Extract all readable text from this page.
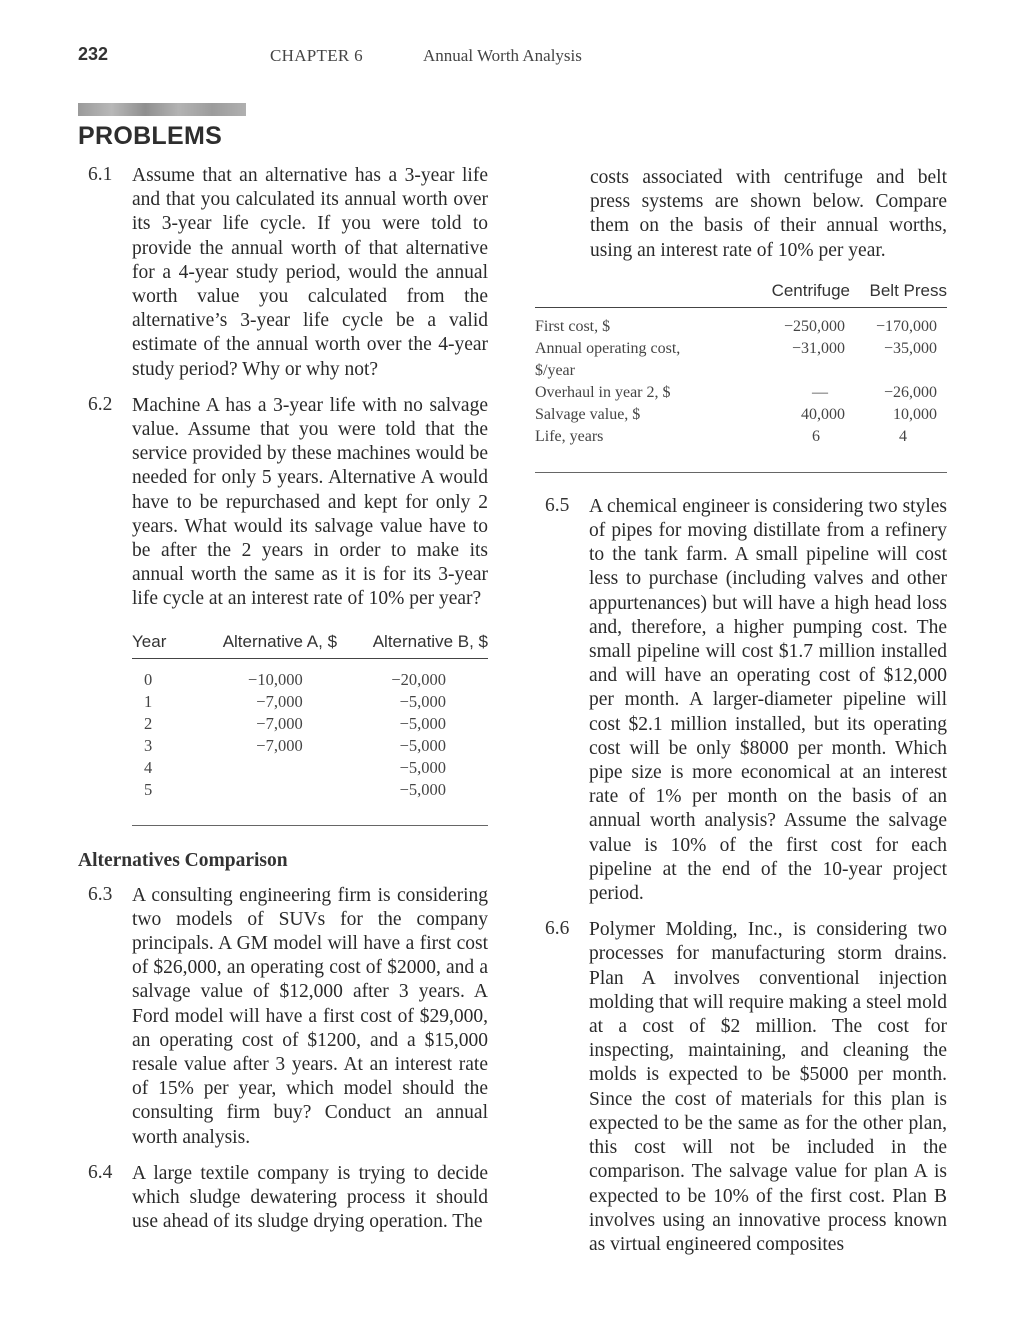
232	CHAPTER 6	Annual Worth Analysis
PROBLEMS
6.1 Assume that an alternative has a 3-year life and that you calculated its annual worth over its 3-year life cycle. If you were told to provide the annual worth of that alternative for a 4-year study period, would the annual worth value you calculated from the alternative’s 3-year life cycle be a valid estimate of the annual worth over the 4-year study period? Why or why not?

6.2 Machine A has a 3-year life with no salvage value. Assume that you were told that the service provided by these machines would be needed for only 5 years. Alternative A would have to be repurchased and kept for only 2 years. What would its salvage value have to be after the 2 years in order to make its annual worth the same as it is for its 3-year life cycle at an interest rate of 10% per year?

Year	Alternative A, $	Alternative B, $
0	−10,000	−20,000
1	−7,000	−5,000
2	−7,000	−5,000
3	−7,000	−5,000
4		−5,000
5		−5,000
Alternatives Comparison
6.3 A consulting engineering firm is considering two models of SUVs for the company principals. A GM model will have a first cost of $26,000, an operating cost of $2000, and a salvage value of $12,000 after 3 years. A Ford model will have a first cost of $29,000, an operating cost of $1200, and a $15,000 resale value after 3 years. At an interest rate of 15% per year, which model should the consulting firm buy? Conduct an annual worth analysis.

6.4 A large textile company is trying to decide which sludge dewatering process it should use ahead of its sludge drying operation. The

costs associated with centrifuge and belt press systems are shown below. Compare them on the basis of their annual worths, using an interest rate of 10% per year.

	Centrifuge	Belt Press
First cost, $	−250,000	−170,000
Annual operating cost,	−31,000	−35,000
$/year		
Overhaul in year 2, $	—	−26,000
Salvage value, $	40,000	10,000
Life, years	6	4
6.5 A chemical engineer is considering two styles of pipes for moving distillate from a refinery to the tank farm. A small pipeline will cost less to purchase (including valves and other appurtenances) but will have a high head loss and, therefore, a higher pumping cost. The small pipeline will cost $1.7 million installed and will have an operating cost of $12,000 per month. A larger-diameter pipeline will cost $2.1 million installed, but its operating cost will be only $8000 per month. Which pipe size is more economical at an interest rate of 1% per month on the basis of an annual worth analysis? Assume the salvage value is 10% of the first cost for each pipeline at the end of the 10-year project period.

6.6 Polymer Molding, Inc., is considering two processes for manufacturing storm drains. Plan A involves conventional injection molding that will require making a steel mold at a cost of $2 million. The cost for inspecting, maintaining, and cleaning the molds is expected to be $5000 per month. Since the cost of materials for this plan is expected to be the same as for the other plan, this cost will not be included in the comparison. The salvage value for plan A is expected to be 10% of the first cost. Plan B involves using an innovative process known as virtual engineered composites
